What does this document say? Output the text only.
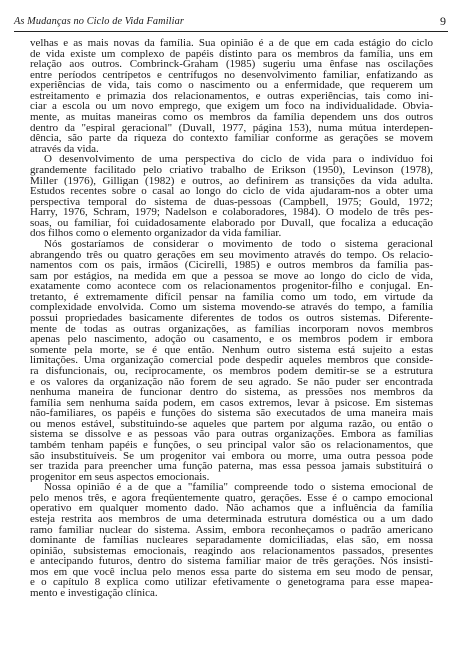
As Mudanças no Ciclo de Vida Familiar	9

velhas e as mais novas da família. Sua opinião é a de que em cada estágio do ciclo
de vida existe um complexo de papéis distinto para os membros da família, uns em
relação aos outros. Combrinck-Graham (1985) sugeriu uma ênfase nas oscilações
entre períodos centrípetos e centrífugos no desenvolvimento familiar, enfatizando as
experiências de vida, tais como o nascimento ou a enfermidade, que requerem um
estreitamento e primazia dos relacionamentos, e outras experiências, tais como ini-
ciar a escola ou um novo emprego, que exigem um foco na individualidade. Obvia-
mente, as muitas maneiras como os membros da família dependem uns dos outros
dentro da "espiral geracional" (Duvall, 1977, página 153), numa mútua interdepen-
dência, são parte da riqueza do contexto familiar conforme as gerações se movem
através da vida.

O desenvolvimento de uma perspectiva do ciclo de vida para o indivíduo foi
grandemente facilitado pelo criativo trabalho de Erikson (1950), Levinson (1978),
Miller (1976), Gilligan (1982) e outros, ao definirem as transições da vida adulta.
Estudos recentes sobre o casal ao longo do ciclo de vida ajudaram-nos a obter uma
perspectiva temporal do sistema de duas-pessoas (Campbell, 1975; Gould, 1972;
Harry, 1976, Schram, 1979; Nadelson e colaboradores, 1984). O modelo de três pes-
soas, ou familiar, foi cuidadosamente elaborado por Duvall, que focaliza a educação
dos filhos como o elemento organizador da vida familiar.

Nós gostaríamos de considerar o movimento de todo o sistema geracional
abrangendo três ou quatro gerações em seu movimento através do tempo. Os relacio-
namentos com os pais, irmãos (Cicirelli, 1985) e outros membros da família pas-
sam por estágios, na medida em que a pessoa se move ao longo do ciclo de vida,
exatamente como acontece com os relacionamentos progenitor-filho e conjugal. En-
tretanto, é extremamente difícil pensar na família como um todo, em virtude da
complexidade envolvida. Como um sistema movendo-se através do tempo, a família
possui propriedades basicamente diferentes de todos os outros sistemas. Diferente-
mente de todas as outras organizações, as famílias incorporam novos membros
apenas pelo nascimento, adoção ou casamento, e os membros podem ir embora
somente pela morte, se é que então. Nenhum outro sistema está sujeito a estas
limitações. Uma organização comercial pode despedir aqueles membros que conside-
ra disfuncionais, ou, reciprocamente, os membros podem demitir-se se a estrutura
e os valores da organização não forem de seu agrado. Se não puder ser encontrada
nenhuma maneira de funcionar dentro do sistema, as pressões nos membros da
família sem nenhuma saída podem, em casos extremos, levar à psicose. Em sistemas
não-familiares, os papéis e funções do sistema são executados de uma maneira mais
ou menos estável, substituindo-se aqueles que partem por alguma razão, ou então o
sistema se dissolve e as pessoas vão para outras organizações. Embora as famílias
também tenham papéis e funções, o seu principal valor são os relacionamentos, que
são insubstituíveis. Se um progenitor vai embora ou morre, uma outra pessoa pode
ser trazida para preencher uma função paterna, mas essa pessoa jamais substituirá o
progenitor em seus aspectos emocionais.

Nossa opinião é a de que a "família" compreende todo o sistema emocional de
pelo menos três, e agora freqüentemente quatro, gerações. Esse é o campo emocional
operativo em qualquer momento dado. Não achamos que a influência da família
esteja restrita aos membros de uma determinada estrutura doméstica ou a um dado
ramo familiar nuclear do sistema. Assim, embora reconheçamos o padrão americano
dominante de famílias nucleares separadamente domiciliadas, elas são, em nossa
opinião, subsistemas emocionais, reagindo aos relacionamentos passados, presentes
e antecipando futuros, dentro do sistema familiar maior de três gerações. Nós insisti-
mos em que você inclua pelo menos essa parte do sistema em seu modo de pensar,
e o capítulo 8 explica como utilizar efetivamente o genetograma para esse mapea-
mento e investigação clínica.
